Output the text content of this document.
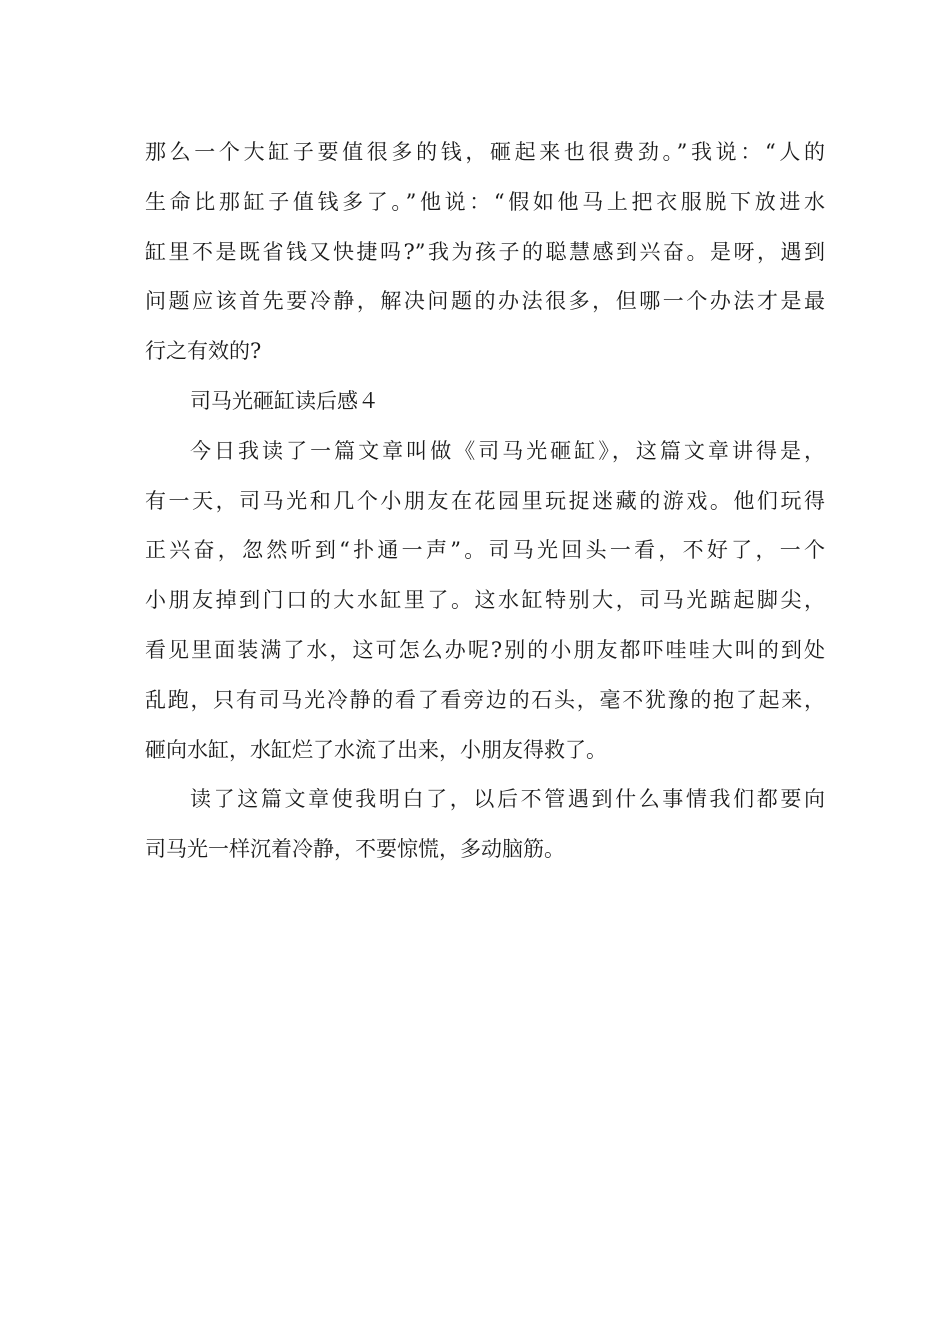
那么一个大缸子要值很多的钱，砸起来也很费劲。”我说：“人的
生命比那缸子值钱多了。”他说：“假如他马上把衣服脱下放进水
缸里不是既省钱又快捷吗?”我为孩子的聪慧感到兴奋。是呀，遇到
问题应该首先要冷静，解决问题的办法很多，但哪一个办法才是最
行之有效的?
司马光砸缸读后感４
今日我读了一篇文章叫做《司马光砸缸》，这篇文章讲得是，
有一天，司马光和几个小朋友在花园里玩捉迷藏的游戏。他们玩得
正兴奋，忽然听到“扑通一声”。司马光回头一看，不好了，一个
小朋友掉到门口的大水缸里了。这水缸特别大，司马光踮起脚尖，
看见里面装满了水，这可怎么办呢?别的小朋友都吓哇哇大叫的到处
乱跑，只有司马光冷静的看了看旁边的石头，毫不犹豫的抱了起来，
砸向水缸，水缸烂了水流了出来，小朋友得救了。
读了这篇文章使我明白了，以后不管遇到什么事情我们都要向
司马光一样沉着冷静，不要惊慌，多动脑筋。
